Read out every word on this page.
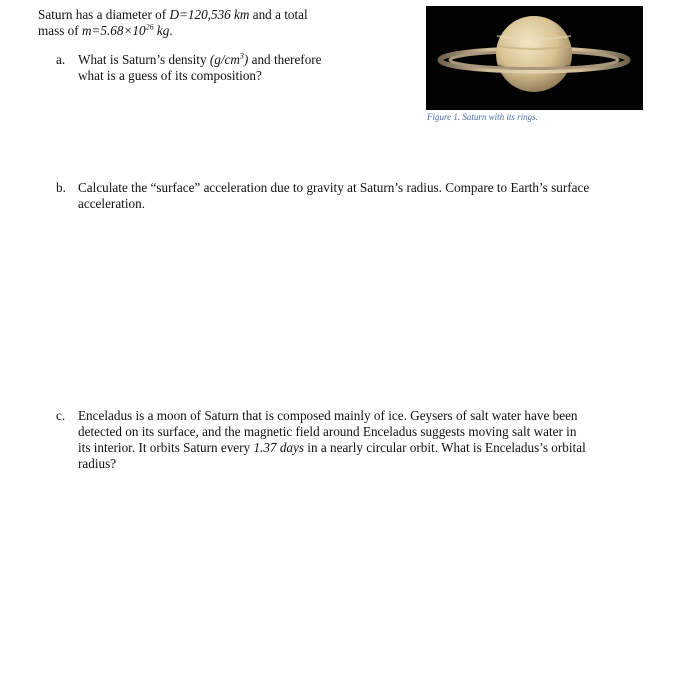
Saturn has a diameter of D=120,536 km and a total
mass of $m=5.68\times 10^{26}$ kg.
Figure 1. Saturn with its rings.
a. What is Saturn’s density $(g/cm^3)$ and therefore what is a guess of its composition?
b. Calculate the “surface” acceleration due to gravity at Saturn’s radius. Compare to Earth’s surface acceleration.
c. Enceladus is a moon of Saturn that is composed mainly of ice. Geysers of salt water have been detected on its surface, and the magnetic field around Enceladus suggests moving salt water in its interior. It orbits Saturn every 1.37 days in a nearly circular orbit. What is Enceladus’s orbital radius?
